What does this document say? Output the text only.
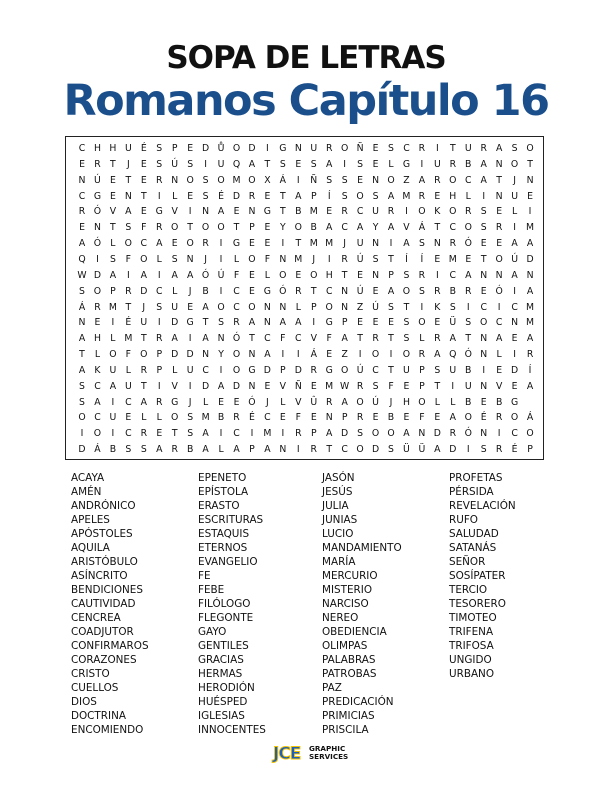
SOPA DE LETRAS
Romanos Capítulo 16
C H H U É	S	P	E D Ů O D	I	G N U R O Ñ E	S C R	I	T U R A	S O
E R	T	J	E	S Ú S	I	U Q A	T	S	E	S A	I	S	E	L G	I	U R B A N O T
N Ú E	T	E R N O S O M O X Á	I	Ñ S	S	E N O Z A R O C A	T	J	N
C G E N T	I	L	E	S	É D R E	T	A	P	Í	S O S	A M R E H	L	I	N U E
R Ó V A	E G V	I	N A	E N G T	B M E R C U R	I	O K O R S	E	L	I
E N T	S	F	R O T O O T	P	E	Y O B A C A	Y	A V Á	T	C O S R	I	M
A Ó L O C A	E O R	I	G E	E	I	T M M	J	U N	I	A	S N R Ó E	E	A A
Q	I	S	F O L	S N	J	I	L O F N M	J	I	R Ú S	T	Í	Í	E M E	T O Ú D
W D A	I	A	I	A A Ó Ú	F	E	L O E O H T	E N P	S R	I	C A N N A N
S O P	R D C	L	J	B	I	C E G Ó R	T	C N Ú E	A O S R B R E Ó	I	A
Á R M T	J	S U E	A O C O N N	L	P O N Z Ú S	T	I	K	S	I	C	I	C M
N E	I	É U	I	D G T	S R A N A A	I	G P	E	E	E	S O E Ü S O C N M
A H	L M T	R A	I	A N Ó T	C	F	C V	F	A	T	R	T	S	L	R A	T N A	E	A
T	L O F O P D D N Y O N A	I	I	Á	E	Z	I	O	I	O R A Q Ó N	L	I	R
A K U	L	R	P	L	U C	I	O G D P D R G O Ú C	T U P	S U B	I	E D	Í
S C A U T	I	V	I	D A D N E	V Ñ E M W R S	F	E	P	T	I	U N V	E	A
S A	I	C A R G	J	L	E	E Ó	J	L	V Û R A O Ú	J	H O L	L	B	E	B G
O C U E	L	L O S M B R É C E	F	E N P	R E	B	E	F	E	A O É R O Á
I	O	I	C R E	T	S	A	I	C	I	M	I	R	P	A D S O O A N D R Ó N	I	C O
D Á B	S	S	A R B A	L	A	P	A N	I	R	T	C O D S Ü Ü A D	I	S R É	P
ACAYA
AMÉN
ANDRÓNICO
APELES
APÓSTOLES
AQUILA
ARISTÓBULO
ASÍNCRITO
BENDICIONES
CAUTIVIDAD
CENCREA
COADJUTOR
CONFIRMAROS
CORAZONES
CRISTO
CUELLOS
DIOS
DOCTRINA
ENCOMIENDO
EPENETO
EPÍSTOLA
ERASTO
ESCRITURAS
ESTAQUIS
ETERNOS
EVANGELIO
FE
FEBE
FILÓLOGO
FLEGONTE
GAYO
GENTILES
GRACIAS
HERMAS
HERODIÓN
HUÉSPED
IGLESIAS
INNOCENTES
JASÓN
JESÚS
JULIA
JUNIAS
LUCIO
MANDAMIENTO
MARÍA
MERCURIO
MISTERIO
NARCISO
NEREO
OBEDIENCIA
OLIMPAS
PALABRAS
PATROBAS
PAZ
PREDICACIÓN
PRIMICIAS
PRISCILA
PROFETAS
PÉRSIDA
REVELACIÓN
RUFO
SALUDAD
SATANÁS
SEÑOR
SOSÍPATER
TERCIO
TESORERO
TIMOTEO
TRIFENA
TRIFOSA
UNGIDO
URBANO
JCE GRAPHIC
SERVICES
